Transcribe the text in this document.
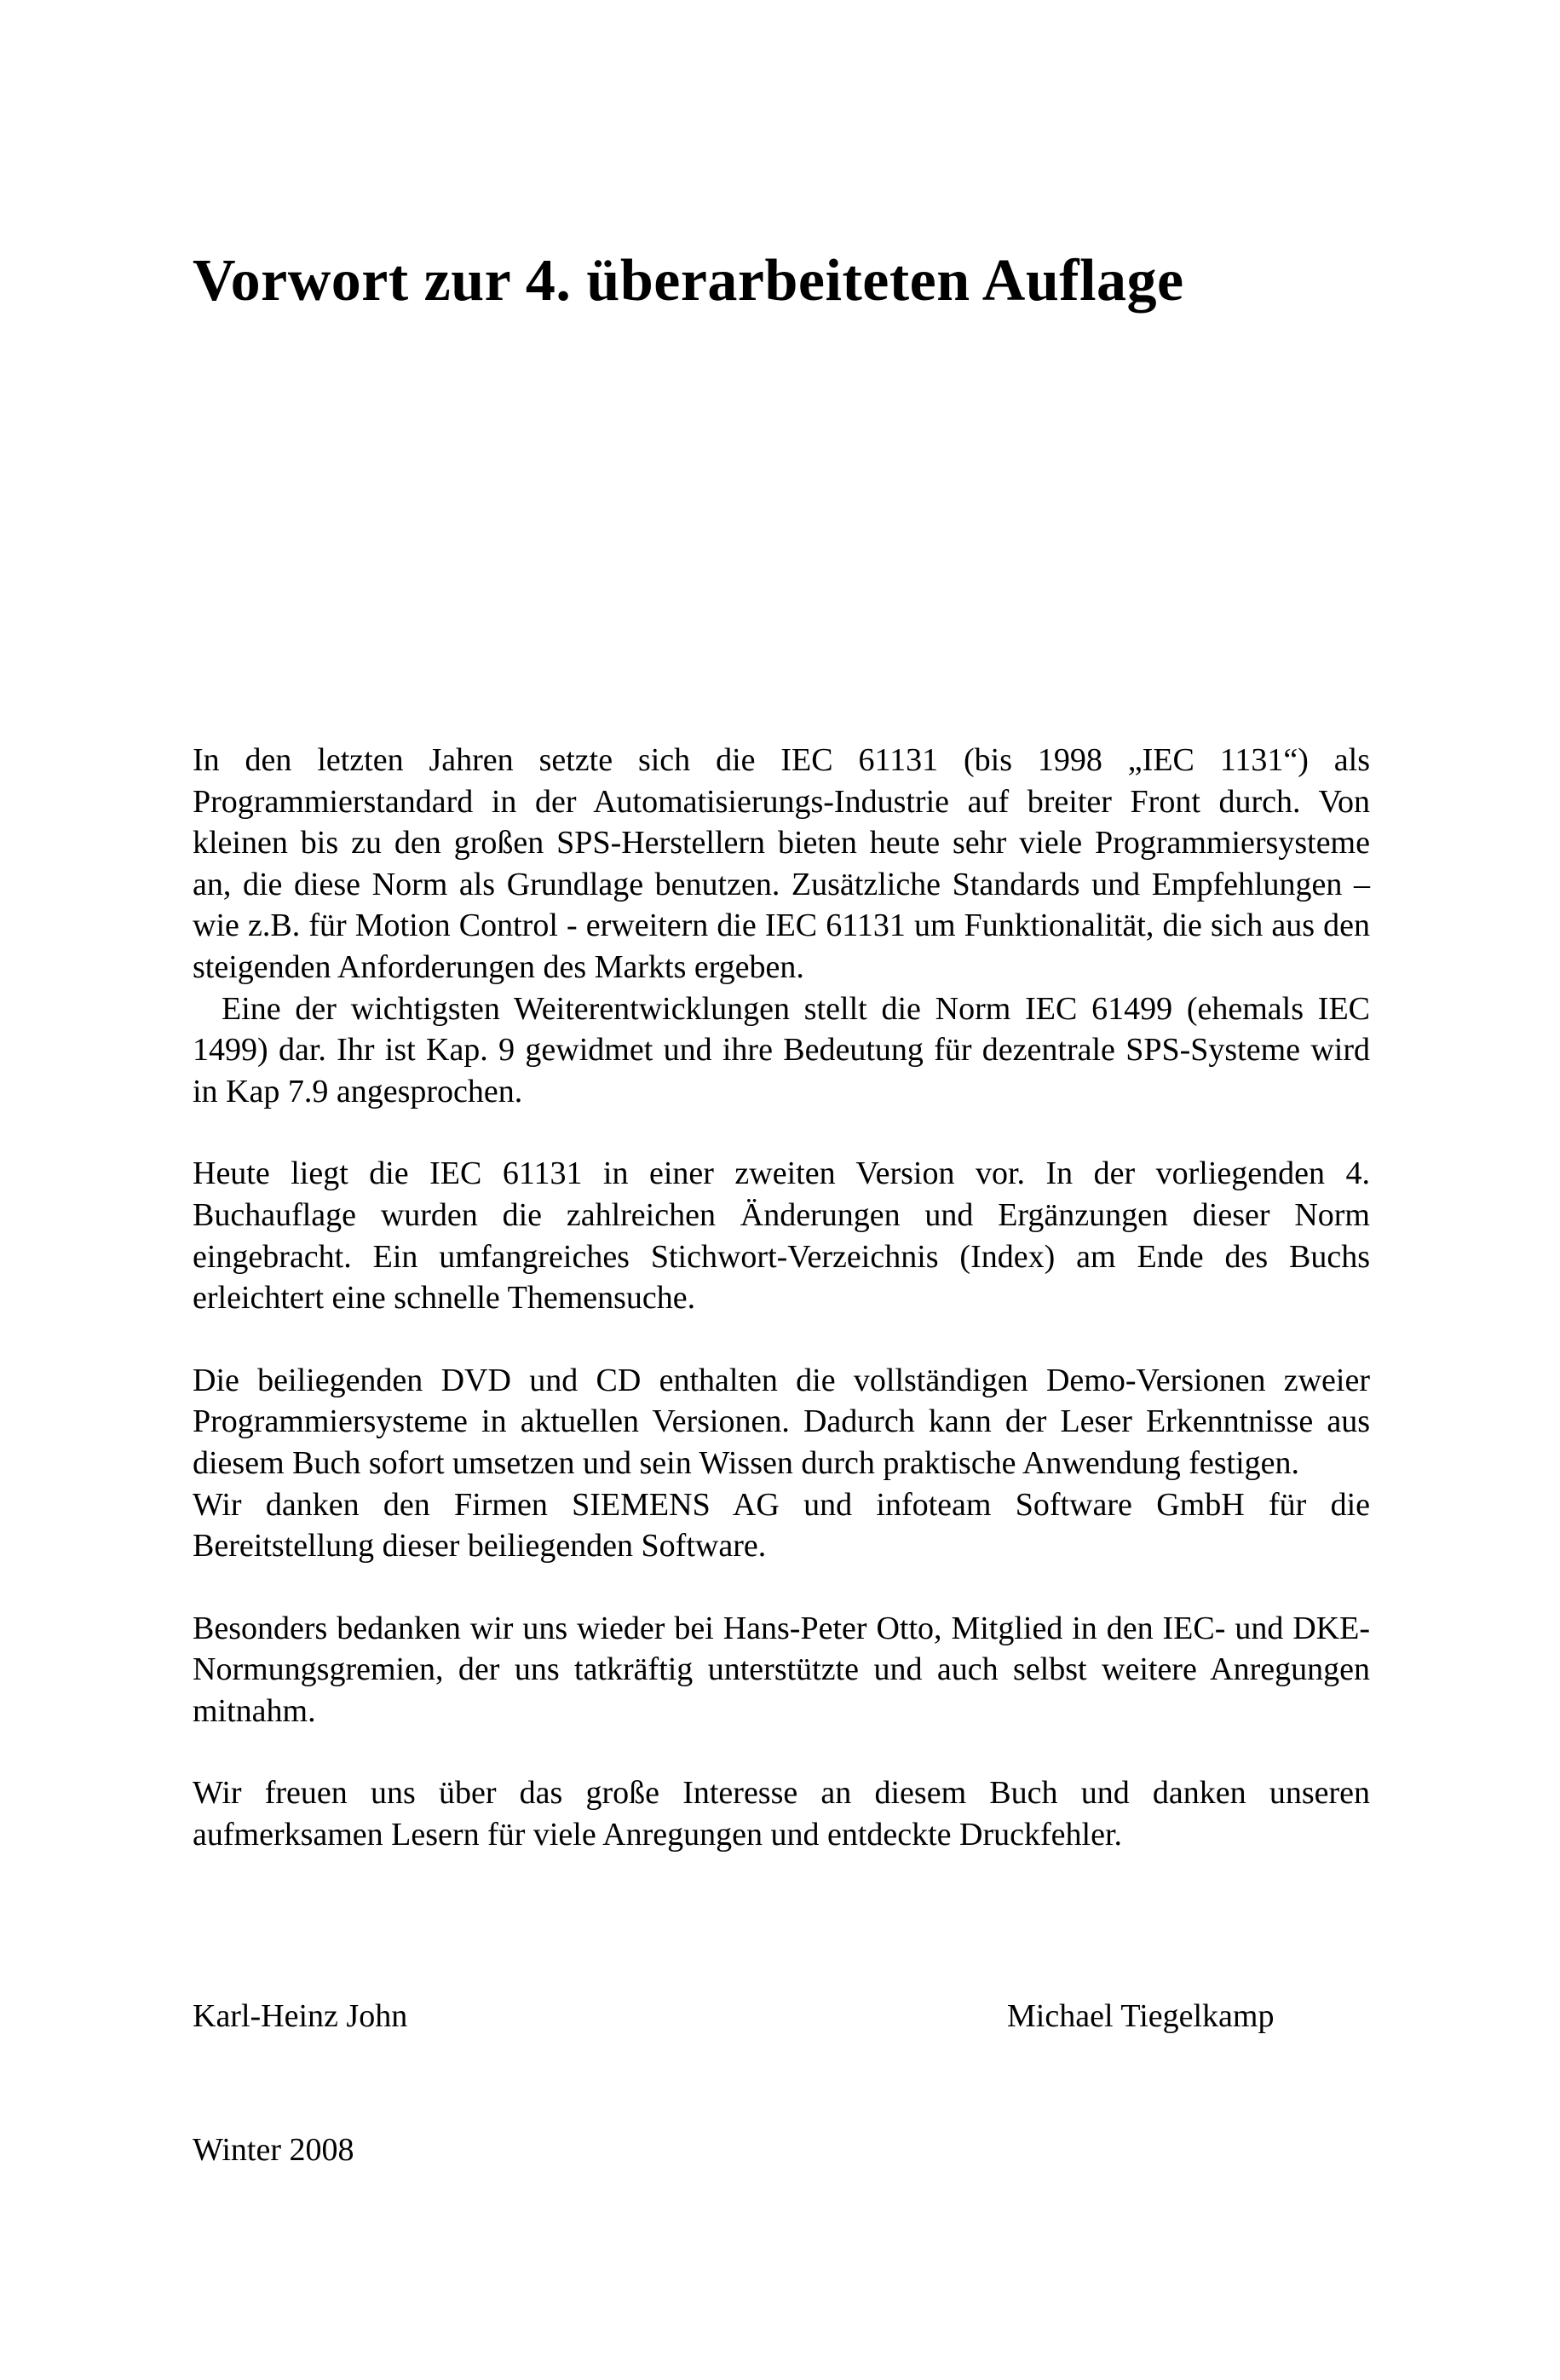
Vorwort zur 4. überarbeiteten Auflage

In den letzten Jahren setzte sich die IEC 61131 (bis 1998 „IEC 1131“) als Programmierstandard in der Automatisierungs-Industrie auf breiter Front durch. Von kleinen bis zu den großen SPS-Herstellern bieten heute sehr viele Programmiersysteme an, die diese Norm als Grundlage benutzen. Zusätzliche Standards und Empfehlungen – wie z.B. für Motion Control - erweitern die IEC 61131 um Funktionalität, die sich aus den steigenden Anforderungen des Markts ergeben.

Eine der wichtigsten Weiterentwicklungen stellt die Norm IEC 61499 (ehemals IEC 1499) dar. Ihr ist Kap. 9 gewidmet und ihre Bedeutung für dezentrale SPS-Systeme wird in Kap 7.9 angesprochen.

Heute liegt die IEC 61131 in einer zweiten Version vor. In der vorliegenden 4. Buchauflage wurden die zahlreichen Änderungen und Ergänzungen dieser Norm eingebracht. Ein umfangreiches Stichwort-Verzeichnis (Index) am Ende des Buchs erleichtert eine schnelle Themensuche.

Die beiliegenden DVD und CD enthalten die vollständigen Demo-Versionen zweier Programmiersysteme in aktuellen Versionen. Dadurch kann der Leser Erkenntnisse aus diesem Buch sofort umsetzen und sein Wissen durch praktische Anwendung festigen.

Wir danken den Firmen SIEMENS AG und infoteam Software GmbH für die Bereitstellung dieser beiliegenden Software.

Besonders bedanken wir uns wieder bei Hans-Peter Otto, Mitglied in den IEC- und DKE-Normungsgremien, der uns tatkräftig unterstützte und auch selbst weitere Anregungen mitnahm.

Wir freuen uns über das große Interesse an diesem Buch und danken unseren aufmerksamen Lesern für viele Anregungen und entdeckte Druckfehler.

Karl-Heinz John	Michael Tiegelkamp
Winter 2008
